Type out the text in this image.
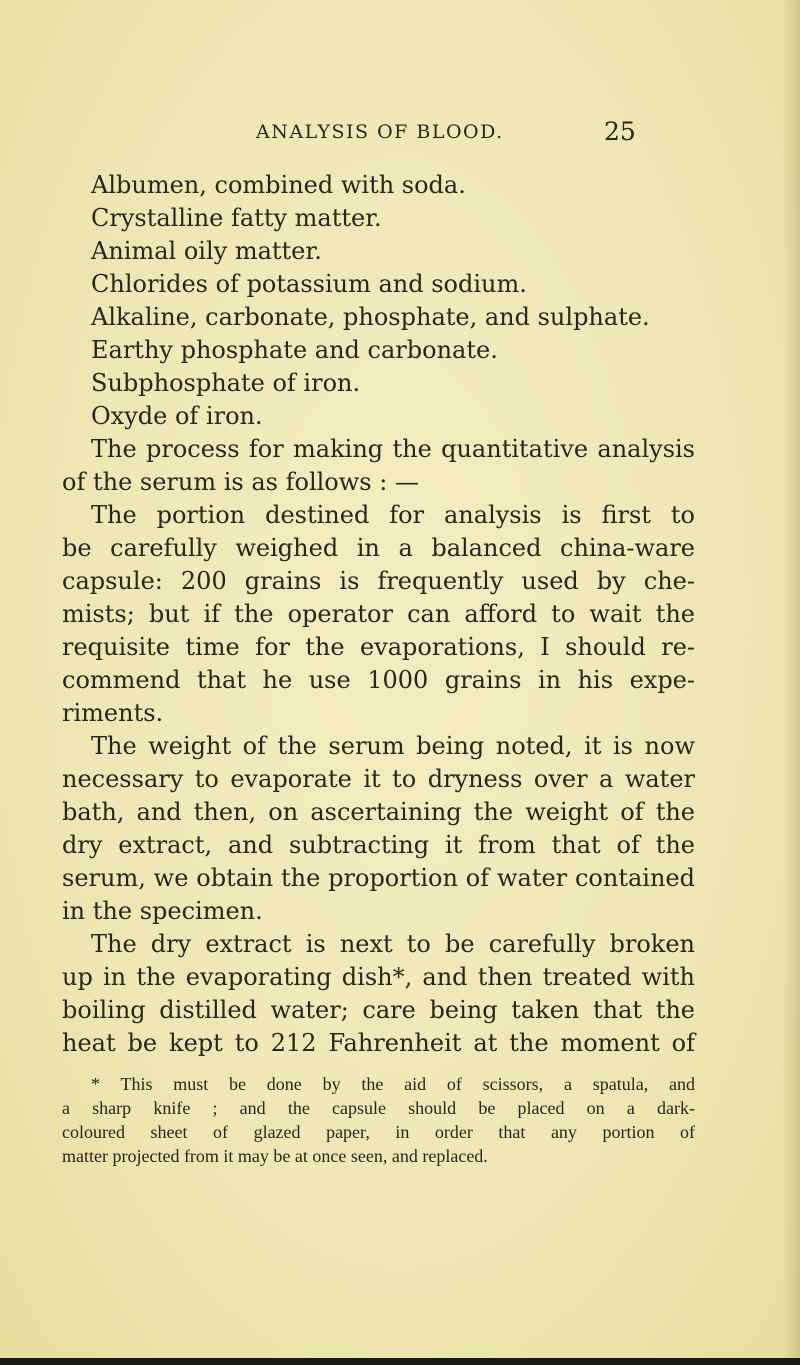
ANALYSIS OF BLOOD.	25
Albumen, combined with soda.
Crystalline fatty matter.
Animal oily matter.
Chlorides of potassium and sodium.
Alkaline, carbonate, phosphate, and sulphate.
Earthy phosphate and carbonate.
Subphosphate of iron.
Oxyde of iron.
The process for making the quantitative analysis
of the serum is as follows : —
The portion destined for analysis is first to
be carefully weighed in a balanced china-ware
capsule: 200 grains is frequently used by che-
mists; but if the operator can afford to wait the
requisite time for the evaporations, I should re-
commend that he use 1000 grains in his expe-
riments.
The weight of the serum being noted, it is now
necessary to evaporate it to dryness over a water
bath, and then, on ascertaining the weight of the
dry extract, and subtracting it from that of the
serum, we obtain the proportion of water contained
in the specimen.
The dry extract is next to be carefully broken
up in the evaporating dish*, and then treated with
boiling distilled water; care being taken that the
heat be kept to 212 Fahrenheit at the moment of
* This must be done by the aid of scissors, a spatula, and
a sharp knife ; and the capsule should be placed on a dark-
coloured sheet of glazed paper, in order that any portion of
matter projected from it may be at once seen, and replaced.
